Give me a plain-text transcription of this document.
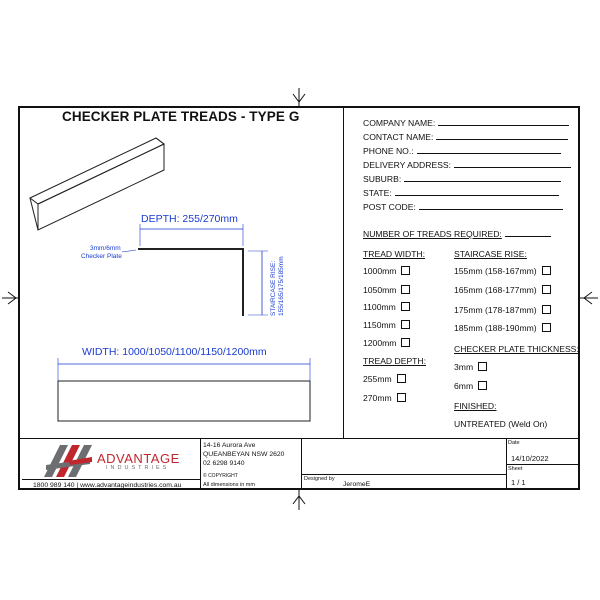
CHECKER PLATE TREADS - TYPE G
DEPTH: 255/270mm
3mm/6mm
Checker Plate
STAIRCASE RISE: 155/165/175/185mm
WIDTH: 1000/1050/1100/1150/1200mm
COMPANY NAME:
CONTACT NAME:
PHONE NO.:
DELIVERY ADDRESS:
SUBURB:
STATE:
POST CODE:
NUMBER OF TREADS REQUIRED:
TREAD WIDTH:
1000mm
1050mm
1100mm
1150mm
1200mm
TREAD DEPTH:
255mm
270mm
STAIRCASE RISE:
155mm (158-167mm)
165mm (168-177mm)
175mm (178-187mm)
185mm (188-190mm)
CHECKER PLATE THICKNESS:
3mm
6mm
FINISHED:
UNTREATED (Weld On)
ADVANTAGE
INDUSTRIES
1800 989 140 | www.advantageindustries.com.au
14-16 Aurora Ave
QUEANBEYAN NSW 2620
02 6298 9140
© COPYRIGHT
All dimensions in mm
Designed by
JeromeE
Date
14/10/2022
Sheet
1 / 1
